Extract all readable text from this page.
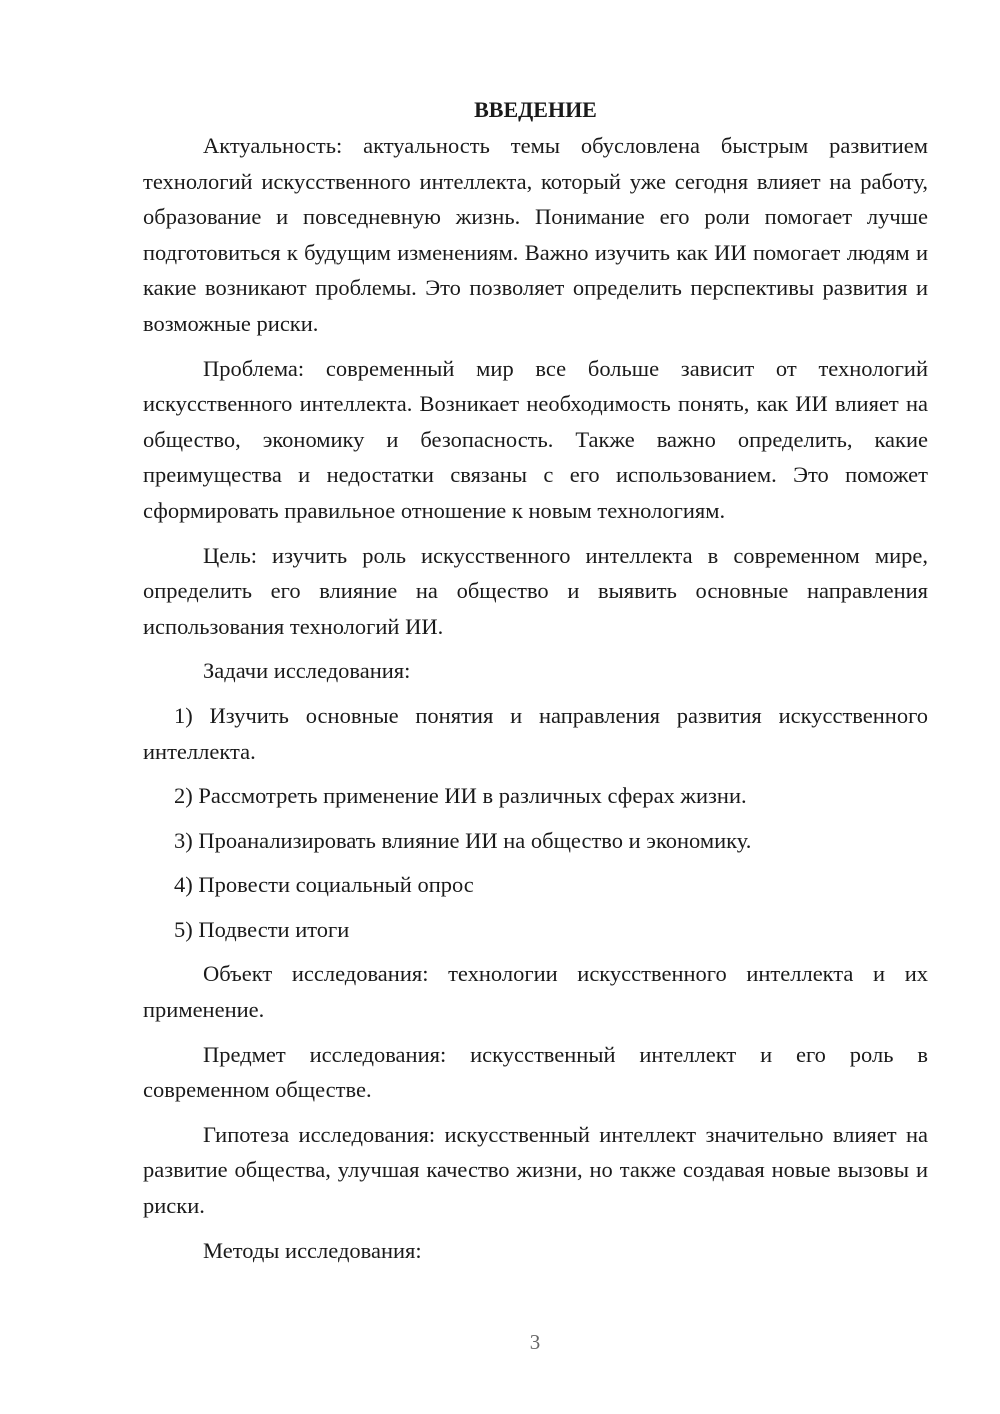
ВВЕДЕНИЕ

Актуальность: актуальность темы обусловлена быстрым развитием технологий искусственного интеллекта, который уже сегодня влияет на работу, образование и повседневную жизнь. Понимание его роли помогает лучше подготовиться к будущим изменениям. Важно изучить как ИИ помогает людям и какие возникают проблемы. Это позволяет определить перспективы развития и возможные риски.

Проблема: современный мир все больше зависит от технологий искусственного интеллекта. Возникает необходимость понять, как ИИ влияет на общество, экономику и безопасность. Также важно определить, какие преимущества и недостатки связаны с его использованием. Это поможет сформировать правильное отношение к новым технологиям.

Цель: изучить роль искусственного интеллекта в современном мире, определить его влияние на общество и выявить основные направления использования технологий ИИ.

Задачи исследования:

1) Изучить основные понятия и направления развития искусственного интеллекта.

2) Рассмотреть применение ИИ в различных сферах жизни.

3) Проанализировать влияние ИИ на общество и экономику.

4) Провести социальный опрос

5) Подвести итоги

Объект исследования: технологии искусственного интеллекта и их применение.

Предмет исследования: искусственный интеллект и его роль в современном обществе.

Гипотеза исследования: искусственный интеллект значительно влияет на развитие общества, улучшая качество жизни, но также создавая новые вызовы и риски.

Методы исследования:

3
